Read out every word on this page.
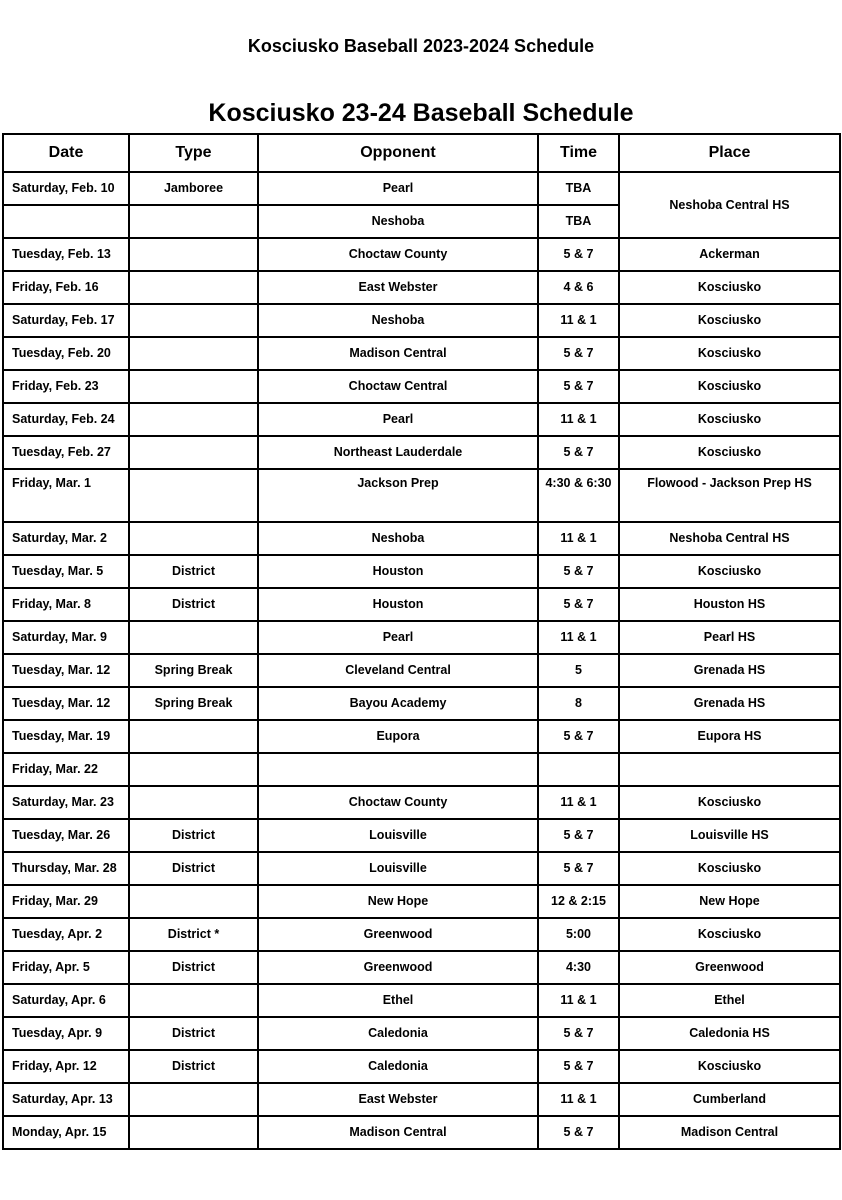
Kosciusko Baseball 2023-2024 Schedule
Kosciusko 23-24 Baseball Schedule
Date	Type	Opponent	Time	Place
Saturday, Feb. 10	Jamboree	Pearl	TBA	Neshoba Central HS
		Neshoba	TBA	
Tuesday, Feb. 13		Choctaw County	5 & 7	Ackerman
Friday, Feb. 16		East Webster	4 & 6	Kosciusko
Saturday, Feb. 17		Neshoba	11 & 1	Kosciusko
Tuesday, Feb. 20		Madison Central	5 & 7	Kosciusko
Friday, Feb. 23		Choctaw Central	5 & 7	Kosciusko
Saturday, Feb. 24		Pearl	11 & 1	Kosciusko
Tuesday, Feb. 27		Northeast Lauderdale	5 & 7	Kosciusko
Friday, Mar. 1		Jackson Prep	4:30 & 6:30	Flowood - Jackson Prep HS
Saturday, Mar. 2		Neshoba	11 & 1	Neshoba Central HS
Tuesday, Mar. 5	District	Houston	5 & 7	Kosciusko
Friday, Mar. 8	District	Houston	5 & 7	Houston HS
Saturday, Mar. 9		Pearl	11 & 1	Pearl HS
Tuesday, Mar. 12	Spring Break	Cleveland Central	5	Grenada HS
Tuesday, Mar. 12	Spring Break	Bayou Academy	8	Grenada HS
Tuesday, Mar. 19		Eupora	5 & 7	Eupora HS
Friday, Mar. 22				
Saturday, Mar. 23		Choctaw County	11 & 1	Kosciusko
Tuesday, Mar. 26	District	Louisville	5 & 7	Louisville HS
Thursday, Mar. 28	District	Louisville	5 & 7	Kosciusko
Friday, Mar. 29		New Hope	12 & 2:15	New Hope
Tuesday, Apr. 2	District *	Greenwood	5:00	Kosciusko
Friday, Apr. 5	District	Greenwood	4:30	Greenwood
Saturday, Apr. 6		Ethel	11 & 1	Ethel
Tuesday, Apr. 9	District	Caledonia	5 & 7	Caledonia HS
Friday, Apr. 12	District	Caledonia	5 & 7	Kosciusko
Saturday, Apr. 13		East Webster	11 & 1	Cumberland
Monday, Apr. 15		Madison Central	5 & 7	Madison Central
